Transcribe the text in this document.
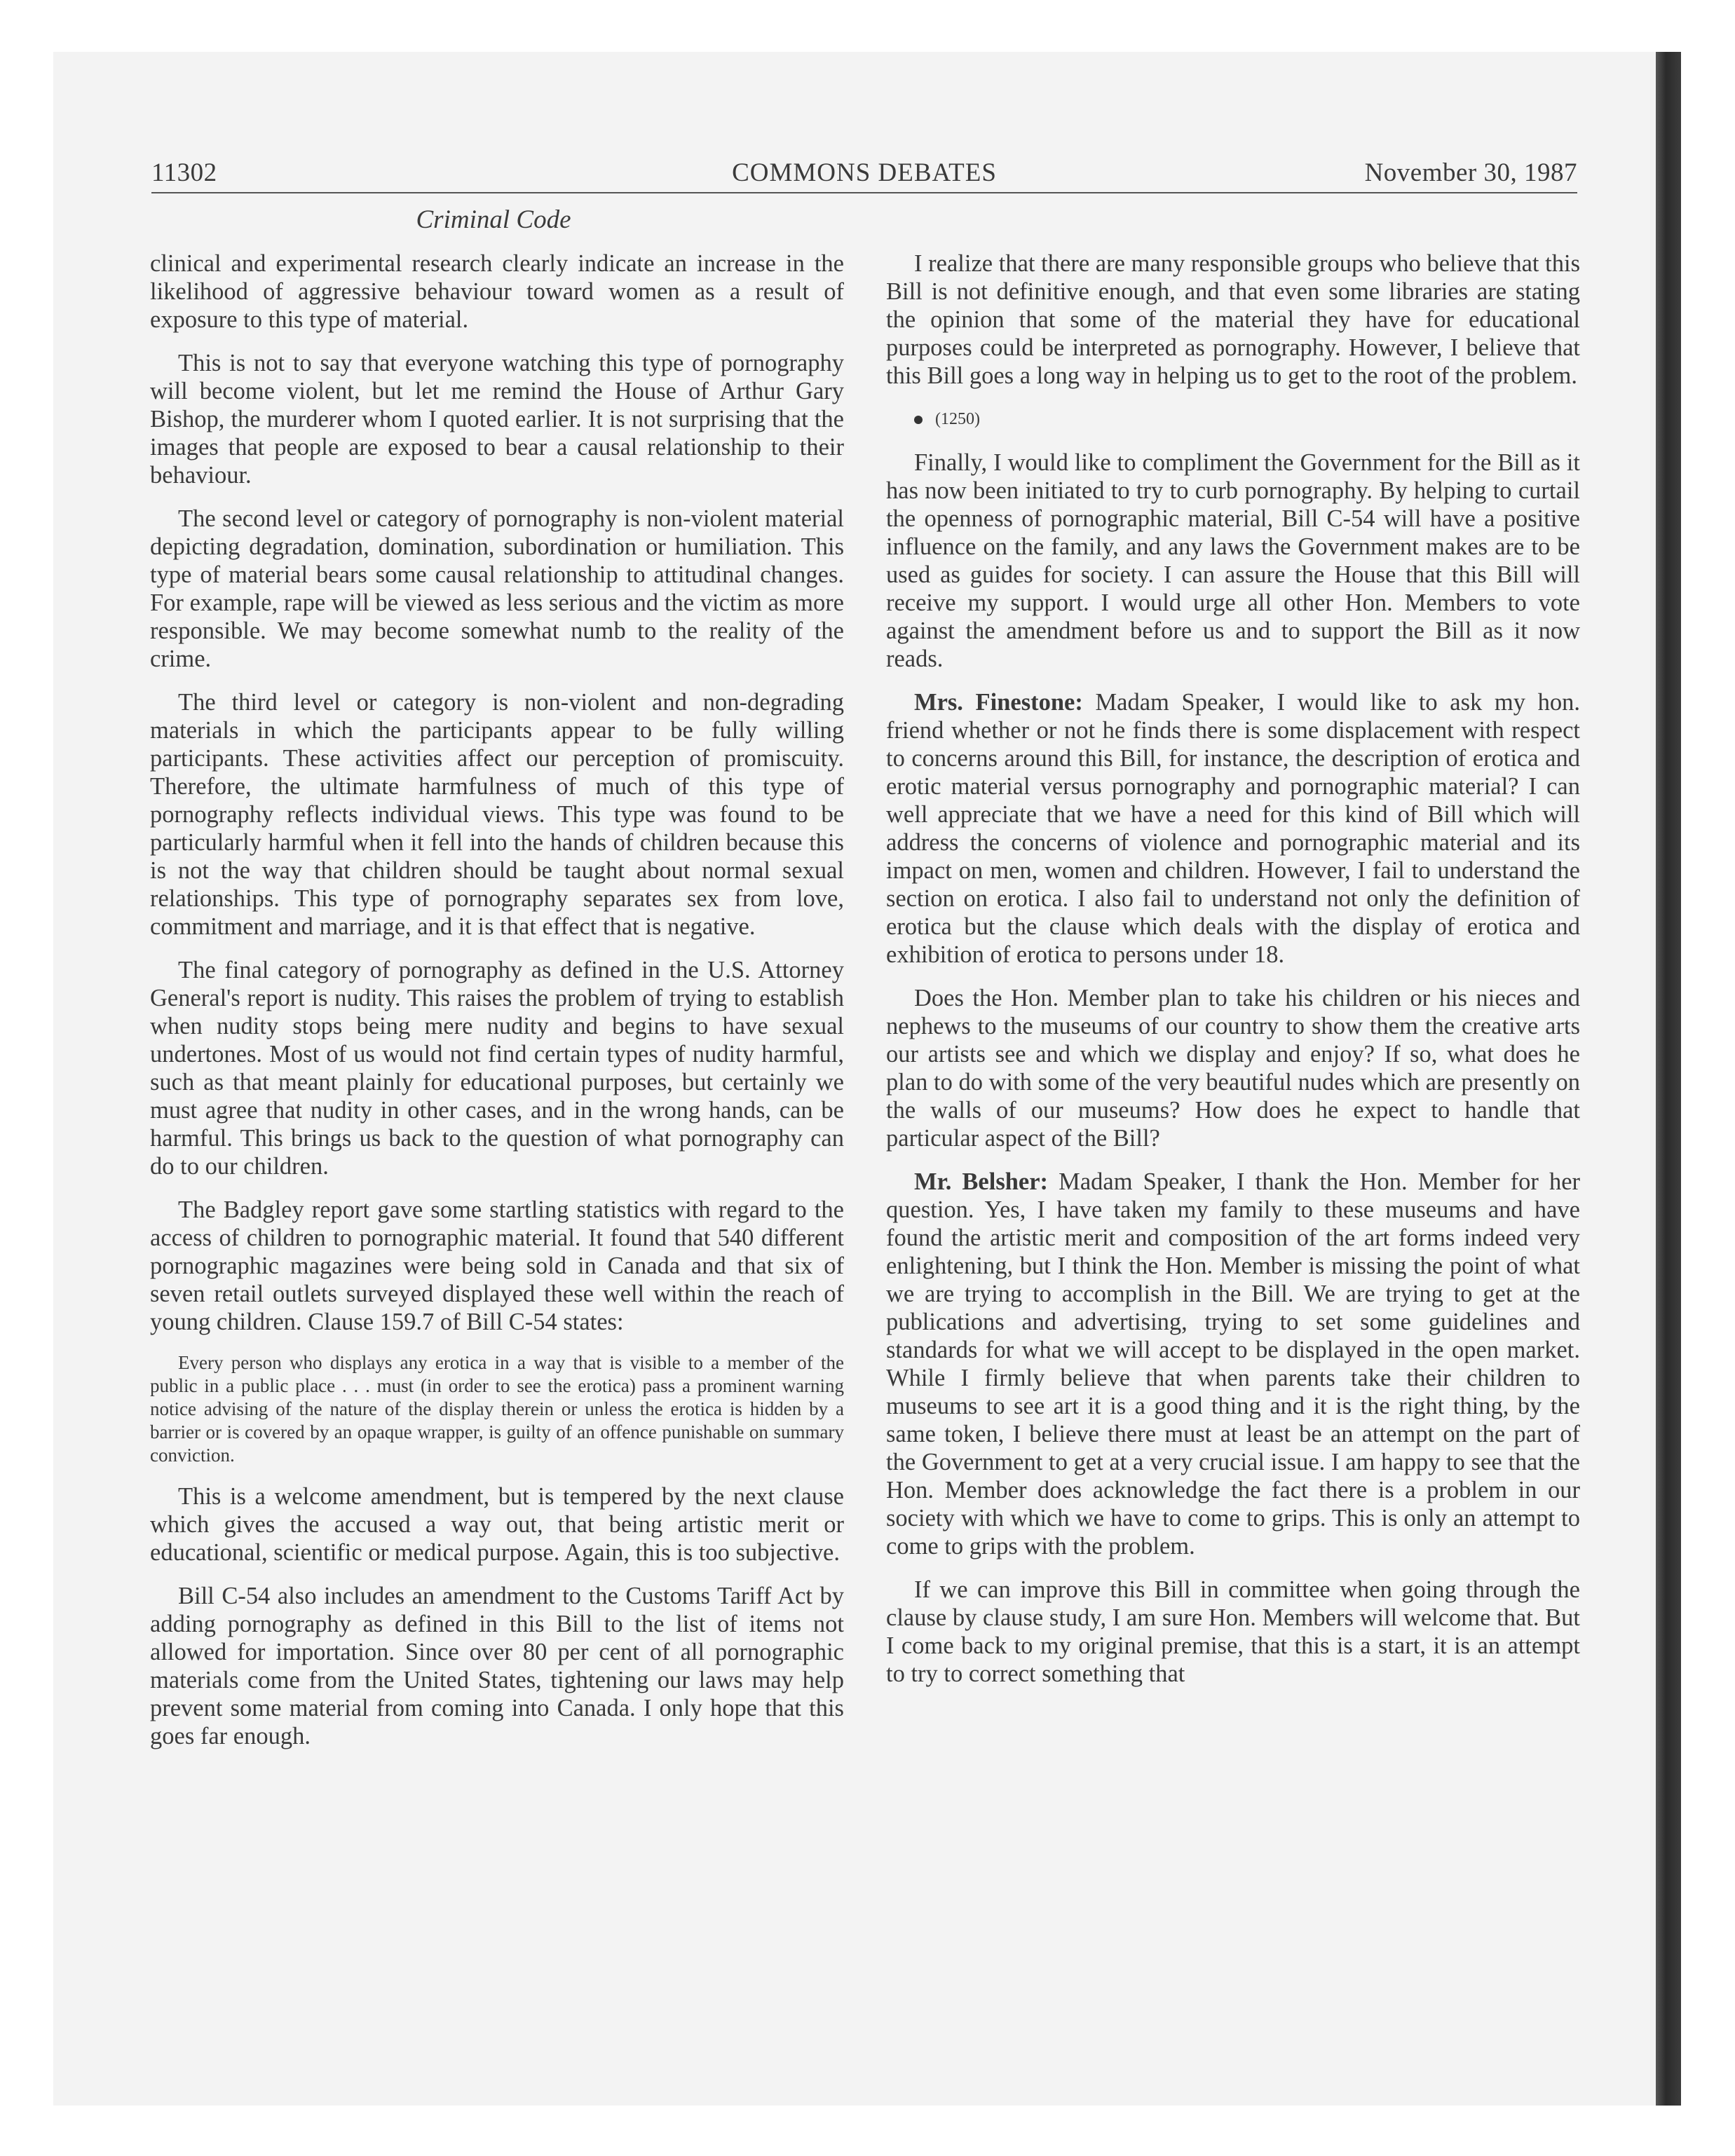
11302	COMMONS DEBATES	November 30, 1987
Criminal Code

clinical and experimental research clearly indicate an increase in the likelihood of aggressive behaviour toward women as a result of exposure to this type of material.

This is not to say that everyone watching this type of pornography will become violent, but let me remind the House of Arthur Gary Bishop, the murderer whom I quoted earlier. It is not surprising that the images that people are exposed to bear a causal relationship to their behaviour.

The second level or category of pornography is non-violent material depicting degradation, domination, subordination or humiliation. This type of material bears some causal relationship to attitudinal changes. For example, rape will be viewed as less serious and the victim as more responsible. We may become somewhat numb to the reality of the crime.

The third level or category is non-violent and non-degrading materials in which the participants appear to be fully willing participants. These activities affect our perception of promiscuity. Therefore, the ultimate harmfulness of much of this type of pornography reflects individual views. This type was found to be particularly harmful when it fell into the hands of children because this is not the way that children should be taught about normal sexual relationships. This type of pornography separates sex from love, commitment and marriage, and it is that effect that is negative.

The final category of pornography as defined in the U.S. Attorney General's report is nudity. This raises the problem of trying to establish when nudity stops being mere nudity and begins to have sexual undertones. Most of us would not find certain types of nudity harmful, such as that meant plainly for educational purposes, but certainly we must agree that nudity in other cases, and in the wrong hands, can be harmful. This brings us back to the question of what pornography can do to our children.

The Badgley report gave some startling statistics with regard to the access of children to pornographic material. It found that 540 different pornographic magazines were being sold in Canada and that six of seven retail outlets surveyed displayed these well within the reach of young children. Clause 159.7 of Bill C-54 states:

Every person who displays any erotica in a way that is visible to a member of the public in a public place . . . must (in order to see the erotica) pass a prominent warning notice advising of the nature of the display therein or unless the erotica is hidden by a barrier or is covered by an opaque wrapper, is guilty of an offence punishable on summary conviction.

This is a welcome amendment, but is tempered by the next clause which gives the accused a way out, that being artistic merit or educational, scientific or medical purpose. Again, this is too subjective.

Bill C-54 also includes an amendment to the Customs Tariff Act by adding pornography as defined in this Bill to the list of items not allowed for importation. Since over 80 per cent of all pornographic materials come from the United States, tightening our laws may help prevent some material from coming into Canada. I only hope that this goes far enough.

I realize that there are many responsible groups who believe that this Bill is not definitive enough, and that even some libraries are stating the opinion that some of the material they have for educational purposes could be interpreted as pornography. However, I believe that this Bill goes a long way in helping us to get to the root of the problem.

(1250)

Finally, I would like to compliment the Government for the Bill as it has now been initiated to try to curb pornography. By helping to curtail the openness of pornographic material, Bill C-54 will have a positive influence on the family, and any laws the Government makes are to be used as guides for society. I can assure the House that this Bill will receive my support. I would urge all other Hon. Members to vote against the amendment before us and to support the Bill as it now reads.

Mrs. Finestone: Madam Speaker, I would like to ask my hon. friend whether or not he finds there is some displacement with respect to concerns around this Bill, for instance, the description of erotica and erotic material versus pornography and pornographic material? I can well appreciate that we have a need for this kind of Bill which will address the concerns of violence and pornographic material and its impact on men, women and children. However, I fail to understand the section on erotica. I also fail to understand not only the definition of erotica but the clause which deals with the display of erotica and exhibition of erotica to persons under 18.

Does the Hon. Member plan to take his children or his nieces and nephews to the museums of our country to show them the creative arts our artists see and which we display and enjoy? If so, what does he plan to do with some of the very beautiful nudes which are presently on the walls of our museums? How does he expect to handle that particular aspect of the Bill?

Mr. Belsher: Madam Speaker, I thank the Hon. Member for her question. Yes, I have taken my family to these museums and have found the artistic merit and composition of the art forms indeed very enlightening, but I think the Hon. Member is missing the point of what we are trying to accomplish in the Bill. We are trying to get at the publications and advertising, trying to set some guidelines and standards for what we will accept to be displayed in the open market. While I firmly believe that when parents take their children to museums to see art it is a good thing and it is the right thing, by the same token, I believe there must at least be an attempt on the part of the Government to get at a very crucial issue. I am happy to see that the Hon. Member does acknowledge the fact there is a problem in our society with which we have to come to grips. This is only an attempt to come to grips with the problem.

If we can improve this Bill in committee when going through the clause by clause study, I am sure Hon. Members will welcome that. But I come back to my original premise, that this is a start, it is an attempt to try to correct something that
